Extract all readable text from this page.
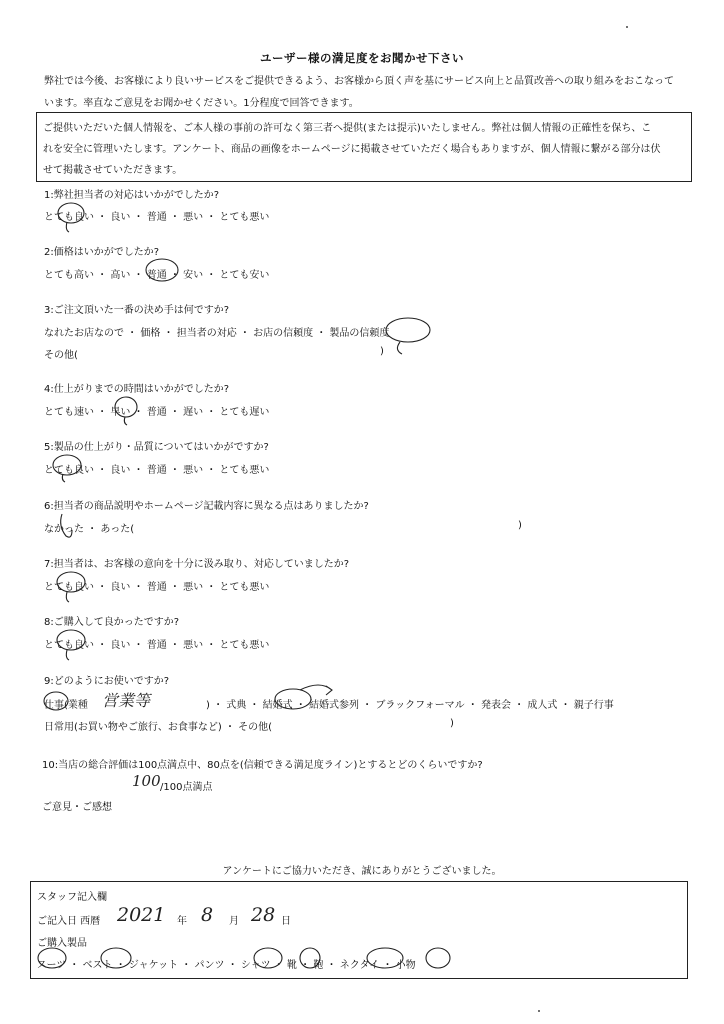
ユーザー様の満足度をお聞かせ下さい
弊社では今後、お客様により良いサービスをご提供できるよう、お客様から頂く声を基にサービス向上と品質改善への取り組みをおこなって
います。率直なご意見をお聞かせください。1分程度で回答できます。
ご提供いただいた個人情報を、ご本人様の事前の許可なく第三者へ提供(または提示)いたしません。弊社は個人情報の正確性を保ち、こ
れを安全に管理いたします。アンケート、商品の画像をホームページに掲載させていただく場合もありますが、個人情報に繋がる部分は伏
せて掲載させていただきます。
1:弊社担当者の対応はいかがでしたか?
とても良い ・ 良い ・ 普通 ・ 悪い ・ とても悪い
2:価格はいかがでしたか?
とても高い ・ 高い ・ 普通 ・ 安い ・ とても安い
3:ご注文頂いた一番の決め手は何ですか?
なれたお店なので ・ 価格 ・ 担当者の対応 ・ お店の信頼度 ・ 製品の信頼度
その他(	)
4:仕上がりまでの時間はいかがでしたか?
とても速い ・ 早い ・ 普通 ・ 遅い ・ とても遅い
5:製品の仕上がり・品質についてはいかがですか?
とても良い ・ 良い ・ 普通 ・ 悪い ・ とても悪い
6:担当者の商品説明やホームページ記載内容に異なる点はありましたか?
なかった ・ あった(	)
7:担当者は、お客様の意向を十分に汲み取り、対応していましたか?
とても良い ・ 良い ・ 普通 ・ 悪い ・ とても悪い
8:ご購入して良かったですか?
とても良い ・ 良い ・ 普通 ・ 悪い ・ とても悪い
9:どのようにお使いですか?
仕事(業種 営業等	) ・ 式典 ・ 結婚式 ・ 結婚式参列 ・ ブラックフォーマル ・ 発表会 ・ 成人式 ・ 親子行事
日常用(お買い物やご旅行、お食事など) ・ その他(	)
10:当店の総合評価は100点満点中、80点を(信頼できる満足度ライン)とするとどのくらいですか?
100 /100点満点
ご意見・ご感想
アンケートにご協力いただき、誠にありがとうございました。
スタッフ記入欄
ご記入日 西暦 2021 年 8 月 28 日
ご購入製品
スーツ ・ ベスト ・ ジャケット ・ パンツ ・ シャツ ・ 靴 ・ 鞄 ・ ネクタイ ・ 小物
